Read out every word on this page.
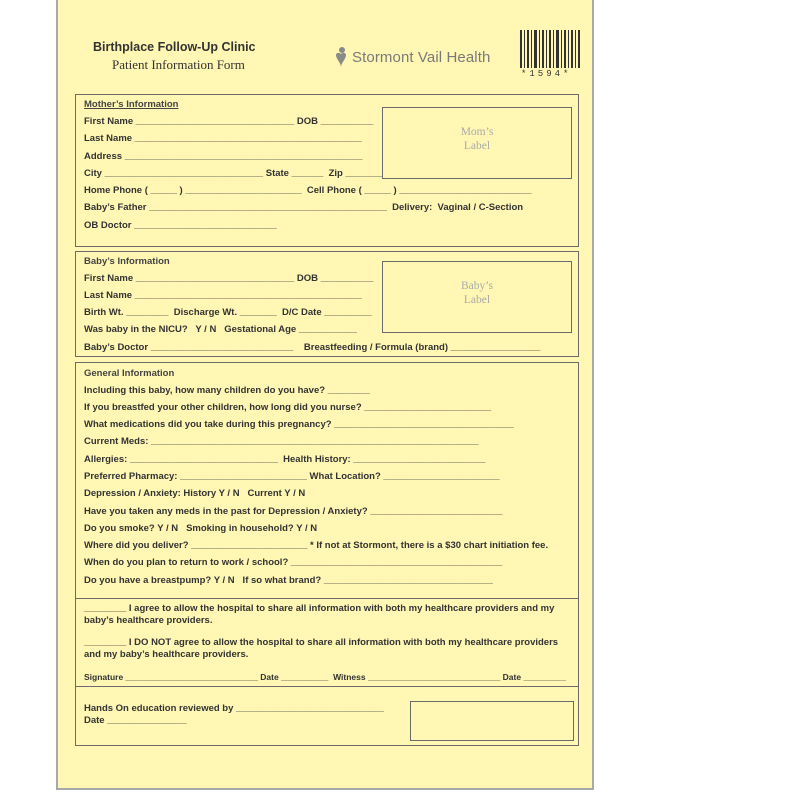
Birthplace Follow-Up Clinic
Patient Information Form	Stormont Vail Health
*1594*
Mother’s Information
First Name ______________________________ DOB __________
Last Name ___________________________________________
Address _____________________________________________
City ______________________________ State ______  Zip _______
Home Phone ( _____ ) ______________________  Cell Phone ( _____ ) _________________________
Baby’s Father _____________________________________________  Delivery:  Vaginal / C-Section
OB Doctor ___________________________
Mom’s
Label
Baby’s Information
First Name ______________________________ DOB __________
Last Name ___________________________________________
Birth Wt. ________  Discharge Wt. _______  D/C Date _________
Was baby in the NICU?   Y / N   Gestational Age ___________
Baby’s Doctor ___________________________    Breastfeeding / Formula (brand) _________________
Baby’s
Label
General Information
Including this baby, how many children do you have? ________
If you breastfed your other children, how long did you nurse? ________________________
What medications did you take during this pregnancy? __________________________________
Current Meds: ______________________________________________________________
Allergies: ____________________________  Health History: _________________________
Preferred Pharmacy: ________________________ What Location? ______________________
Depression / Anxiety: History Y / N   Current Y / N
Have you taken any meds in the past for Depression / Anxiety? _________________________
Do you smoke? Y / N   Smoking in household? Y / N
Where did you deliver? ______________________ * If not at Stormont, there is a $30 chart initiation fee.
When do you plan to return to work / school? ________________________________________
Do you have a breastpump? Y / N   If so what brand? ________________________________
________ I agree to allow the hospital to share all information with both my healthcare providers and my baby’s healthcare providers.
________ I DO NOT agree to allow the hospital to share all information with both my healthcare providers and my baby’s healthcare providers.
Signature ____________________________ Date __________  Witness ____________________________ Date _________
Hands On education reviewed by ____________________________
Date _______________
